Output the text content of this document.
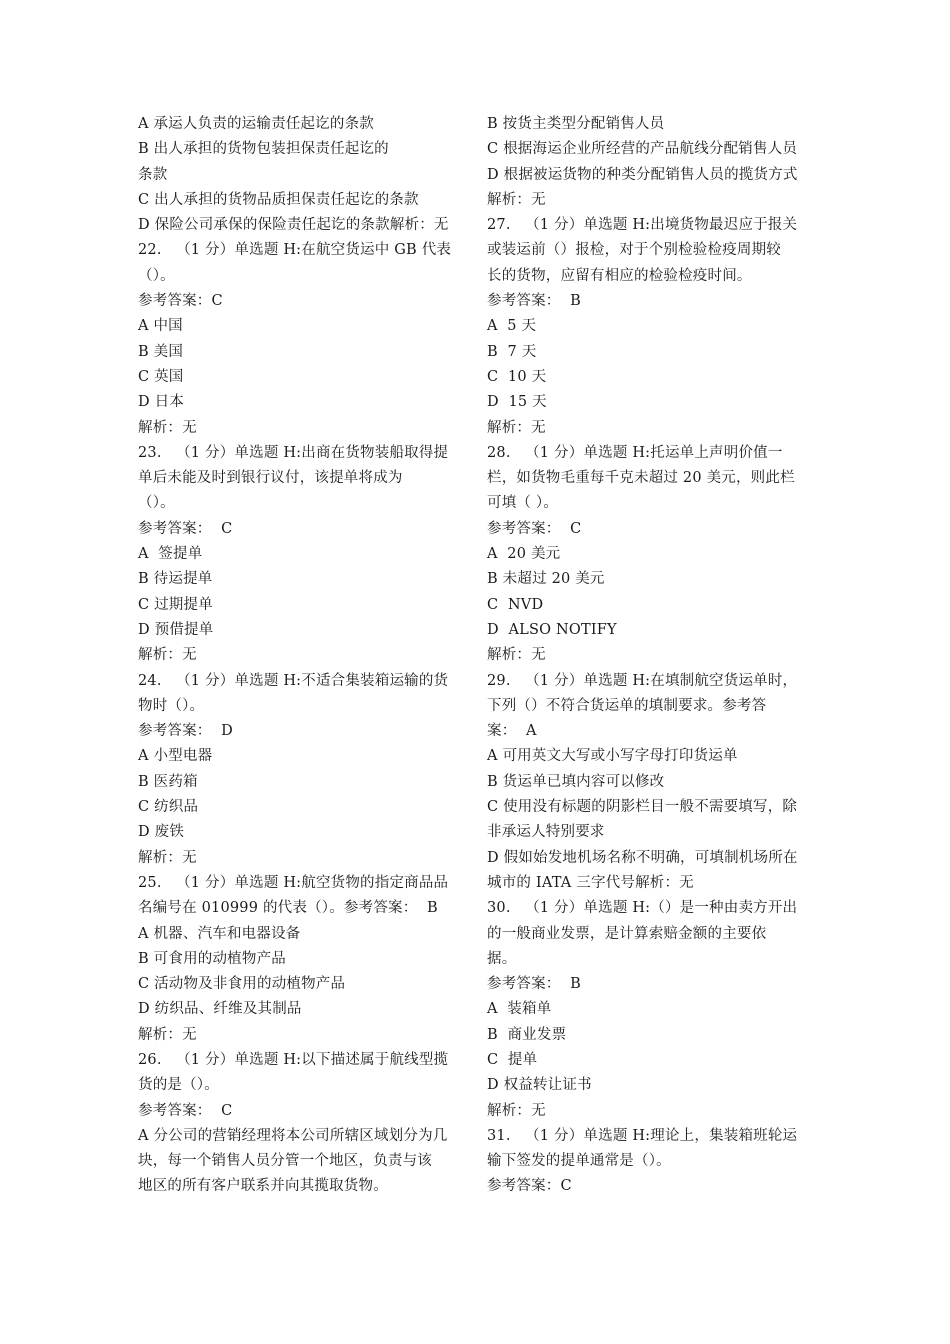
A 承运人负责的运输责任起讫的条款
B 出人承担的货物包装担保责任起讫的
条款
C 出人承担的货物品质担保责任起讫的条款
D 保险公司承保的保险责任起讫的条款解析：无
22.   （1 分）单选题 H:在航空货运中 GB 代表
（）。
参考答案：C
A 中国
B 美国
C 英国
D 日本
解析：无
23.   （1 分）单选题 H:出商在货物装船取得提
单后未能及时到银行议付，该提单将成为
（）。
参考答案：  C
A  签提单
B 待运提单
C 过期提单
D 预借提单
解析：无
24.   （1 分）单选题 H:不适合集装箱运输的货
物时（）。
参考答案：  D
A 小型电器
B 医药箱
C 纺织品
D 废铁
解析：无
25.   （1 分）单选题 H:航空货物的指定商品品
名编号在 010999 的代表（）。参考答案：  B
A 机器、汽车和电器设备
B 可食用的动植物产品
C 活动物及非食用的动植物产品
D 纺织品、纤维及其制品
解析：无
26.   （1 分）单选题 H:以下描述属于航线型揽
货的是（）。
参考答案：  C
A 分公司的营销经理将本公司所辖区域划分为几
块，每一个销售人员分管一个地区，负责与该
地区的所有客户联系并向其揽取货物。
B 按货主类型分配销售人员
C 根据海运企业所经营的产品航线分配销售人员
D 根据被运货物的种类分配销售人员的揽货方式
解析：无
27.   （1 分）单选题 H:出境货物最迟应于报关
或装运前（）报检，对于个别检验检疫周期较
长的货物，应留有相应的检验检疫时间。
参考答案：  B
A  5 天
B  7 天
C  10 天
D  15 天
解析：无
28.   （1 分）单选题 H:托运单上声明价值一
栏，如货物毛重每千克未超过 20 美元，则此栏
可填（ ）。
参考答案：  C
A  20 美元
B 未超过 20 美元
C  NVD
D  ALSO NOTIFY
解析：无
29.   （1 分）单选题 H:在填制航空货运单时，
下列（）不符合货运单的填制要求。参考答
案：  A
A 可用英文大写或小写字母打印货运单
B 货运单已填内容可以修改
C 使用没有标题的阴影栏目一般不需要填写，除
非承运人特别要求
D 假如始发地机场名称不明确，可填制机场所在
城市的 IATA 三字代号解析：无
30.   （1 分）单选题 H:（）是一种由卖方开出
的一般商业发票，是计算索赔金额的主要依
据。
参考答案：  B
A  装箱单
B  商业发票
C  提单
D 权益转让证书
解析：无
31.   （1 分）单选题 H:理论上，集装箱班轮运
输下签发的提单通常是（）。
参考答案：C
